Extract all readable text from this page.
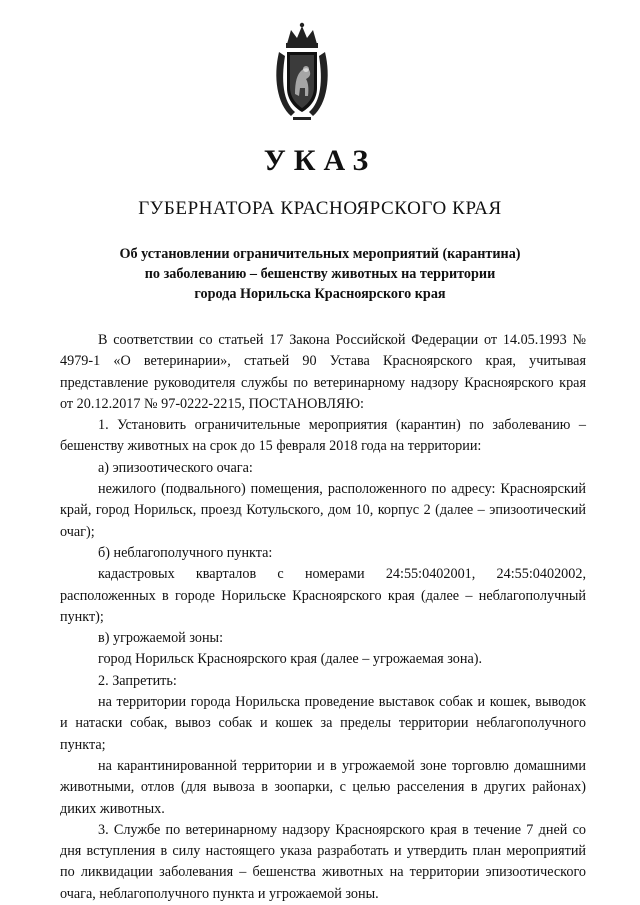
УКАЗ
ГУБЕРНАТОРА КРАСНОЯРСКОГО КРАЯ
Об установлении ограничительных мероприятий (карантина)
по заболеванию – бешенству животных на территории
города Норильска Красноярского края

В соответствии со статьей 17 Закона Российской Федерации от 14.05.1993 № 4979-1 «О ветеринарии», статьей 90 Устава Красноярского края, учитывая представление руководителя службы по ветеринарному надзору Красноярского края от 20.12.2017 № 97-0222-2215, ПОСТАНОВЛЯЮ:

1. Установить ограничительные мероприятия (карантин) по заболеванию – бешенству животных на срок до 15 февраля 2018 года на территории:

а) эпизоотического очага:

нежилого (подвального) помещения, расположенного по адресу: Красноярский край, город Норильск, проезд Котульского, дом 10, корпус 2 (далее – эпизоотический очаг);

б) неблагополучного пункта:

кадастровых кварталов с номерами 24:55:0402001, 24:55:0402002, расположенных в городе Норильске Красноярского края (далее – неблагополучный пункт);

в) угрожаемой зоны:

город Норильск Красноярского края (далее – угрожаемая зона).

2. Запретить:

на территории города Норильска проведение выставок собак и кошек, выводок и натаски собак, вывоз собак и кошек за пределы территории неблагополучного пункта;

на карантинированной территории и в угрожаемой зоне торговлю домашними животными, отлов (для вывоза в зоопарки, с целью расселения в других районах) диких животных.

3. Службе по ветеринарному надзору Красноярского края в течение 7 дней со дня вступления в силу настоящего указа разработать и утвердить план мероприятий по ликвидации заболевания – бешенства животных на территории эпизоотического очага, неблагополучного пункта и угрожаемой зоны.
